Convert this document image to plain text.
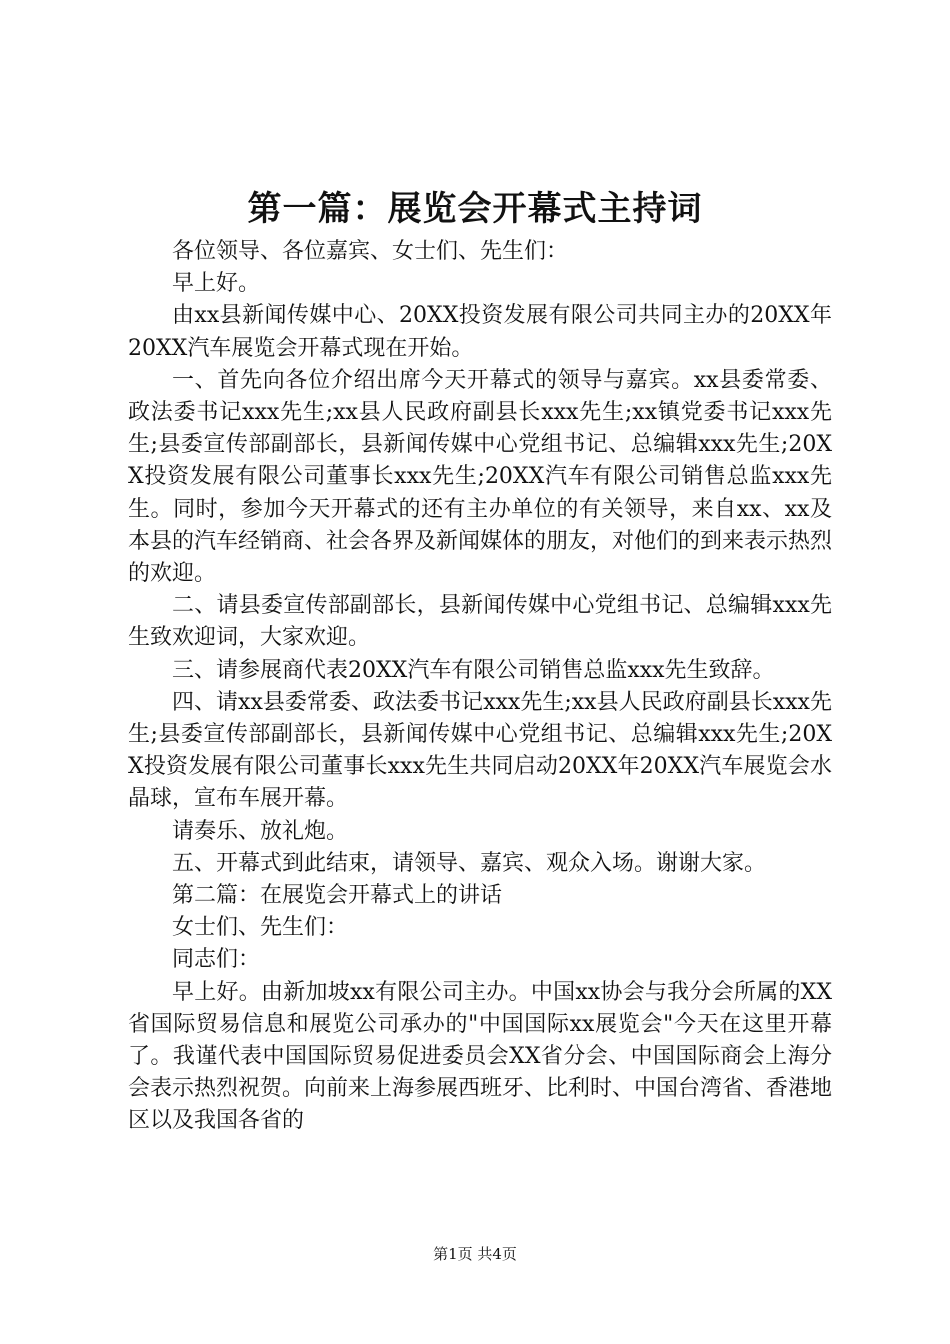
第一篇：展览会开幕式主持词

各位领导、各位嘉宾、女士们、先生们：

早上好。

由xx县新闻传媒中心、20XX投资发展有限公司共同主办的20XX年20XX汽车展览会开幕式现在开始。

一、首先向各位介绍出席今天开幕式的领导与嘉宾。xx县委常委、政法委书记xxx先生;xx县人民政府副县长xxx先生;xx镇党委书记xxx先生;县委宣传部副部长，县新闻传媒中心党组书记、总编辑xxx先生;20XX投资发展有限公司董事长xxx先生;20XX汽车有限公司销售总监xxx先生。同时，参加今天开幕式的还有主办单位的有关领导，来自xx、xx及本县的汽车经销商、社会各界及新闻媒体的朋友，对他们的到来表示热烈的欢迎。

二、请县委宣传部副部长，县新闻传媒中心党组书记、总编辑xxx先生致欢迎词，大家欢迎。

三、请参展商代表20XX汽车有限公司销售总监xxx先生致辞。

四、请xx县委常委、政法委书记xxx先生;xx县人民政府副县长xxx先生;县委宣传部副部长，县新闻传媒中心党组书记、总编辑xxx先生;20XX投资发展有限公司董事长xxx先生共同启动20XX年20XX汽车展览会水晶球，宣布车展开幕。

请奏乐、放礼炮。

五、开幕式到此结束，请领导、嘉宾、观众入场。谢谢大家。

第二篇：在展览会开幕式上的讲话

女士们、先生们：

同志们：

早上好。由新加坡xx有限公司主办。中国xx协会与我分会所属的XX省国际贸易信息和展览公司承办的"中国国际xx展览会"今天在这里开幕了。我谨代表中国国际贸易促进委员会XX省分会、中国国际商会上海分会表示热烈祝贺。向前来上海参展西班牙、比利时、中国台湾省、香港地区以及我国各省的

第1页 共4页
